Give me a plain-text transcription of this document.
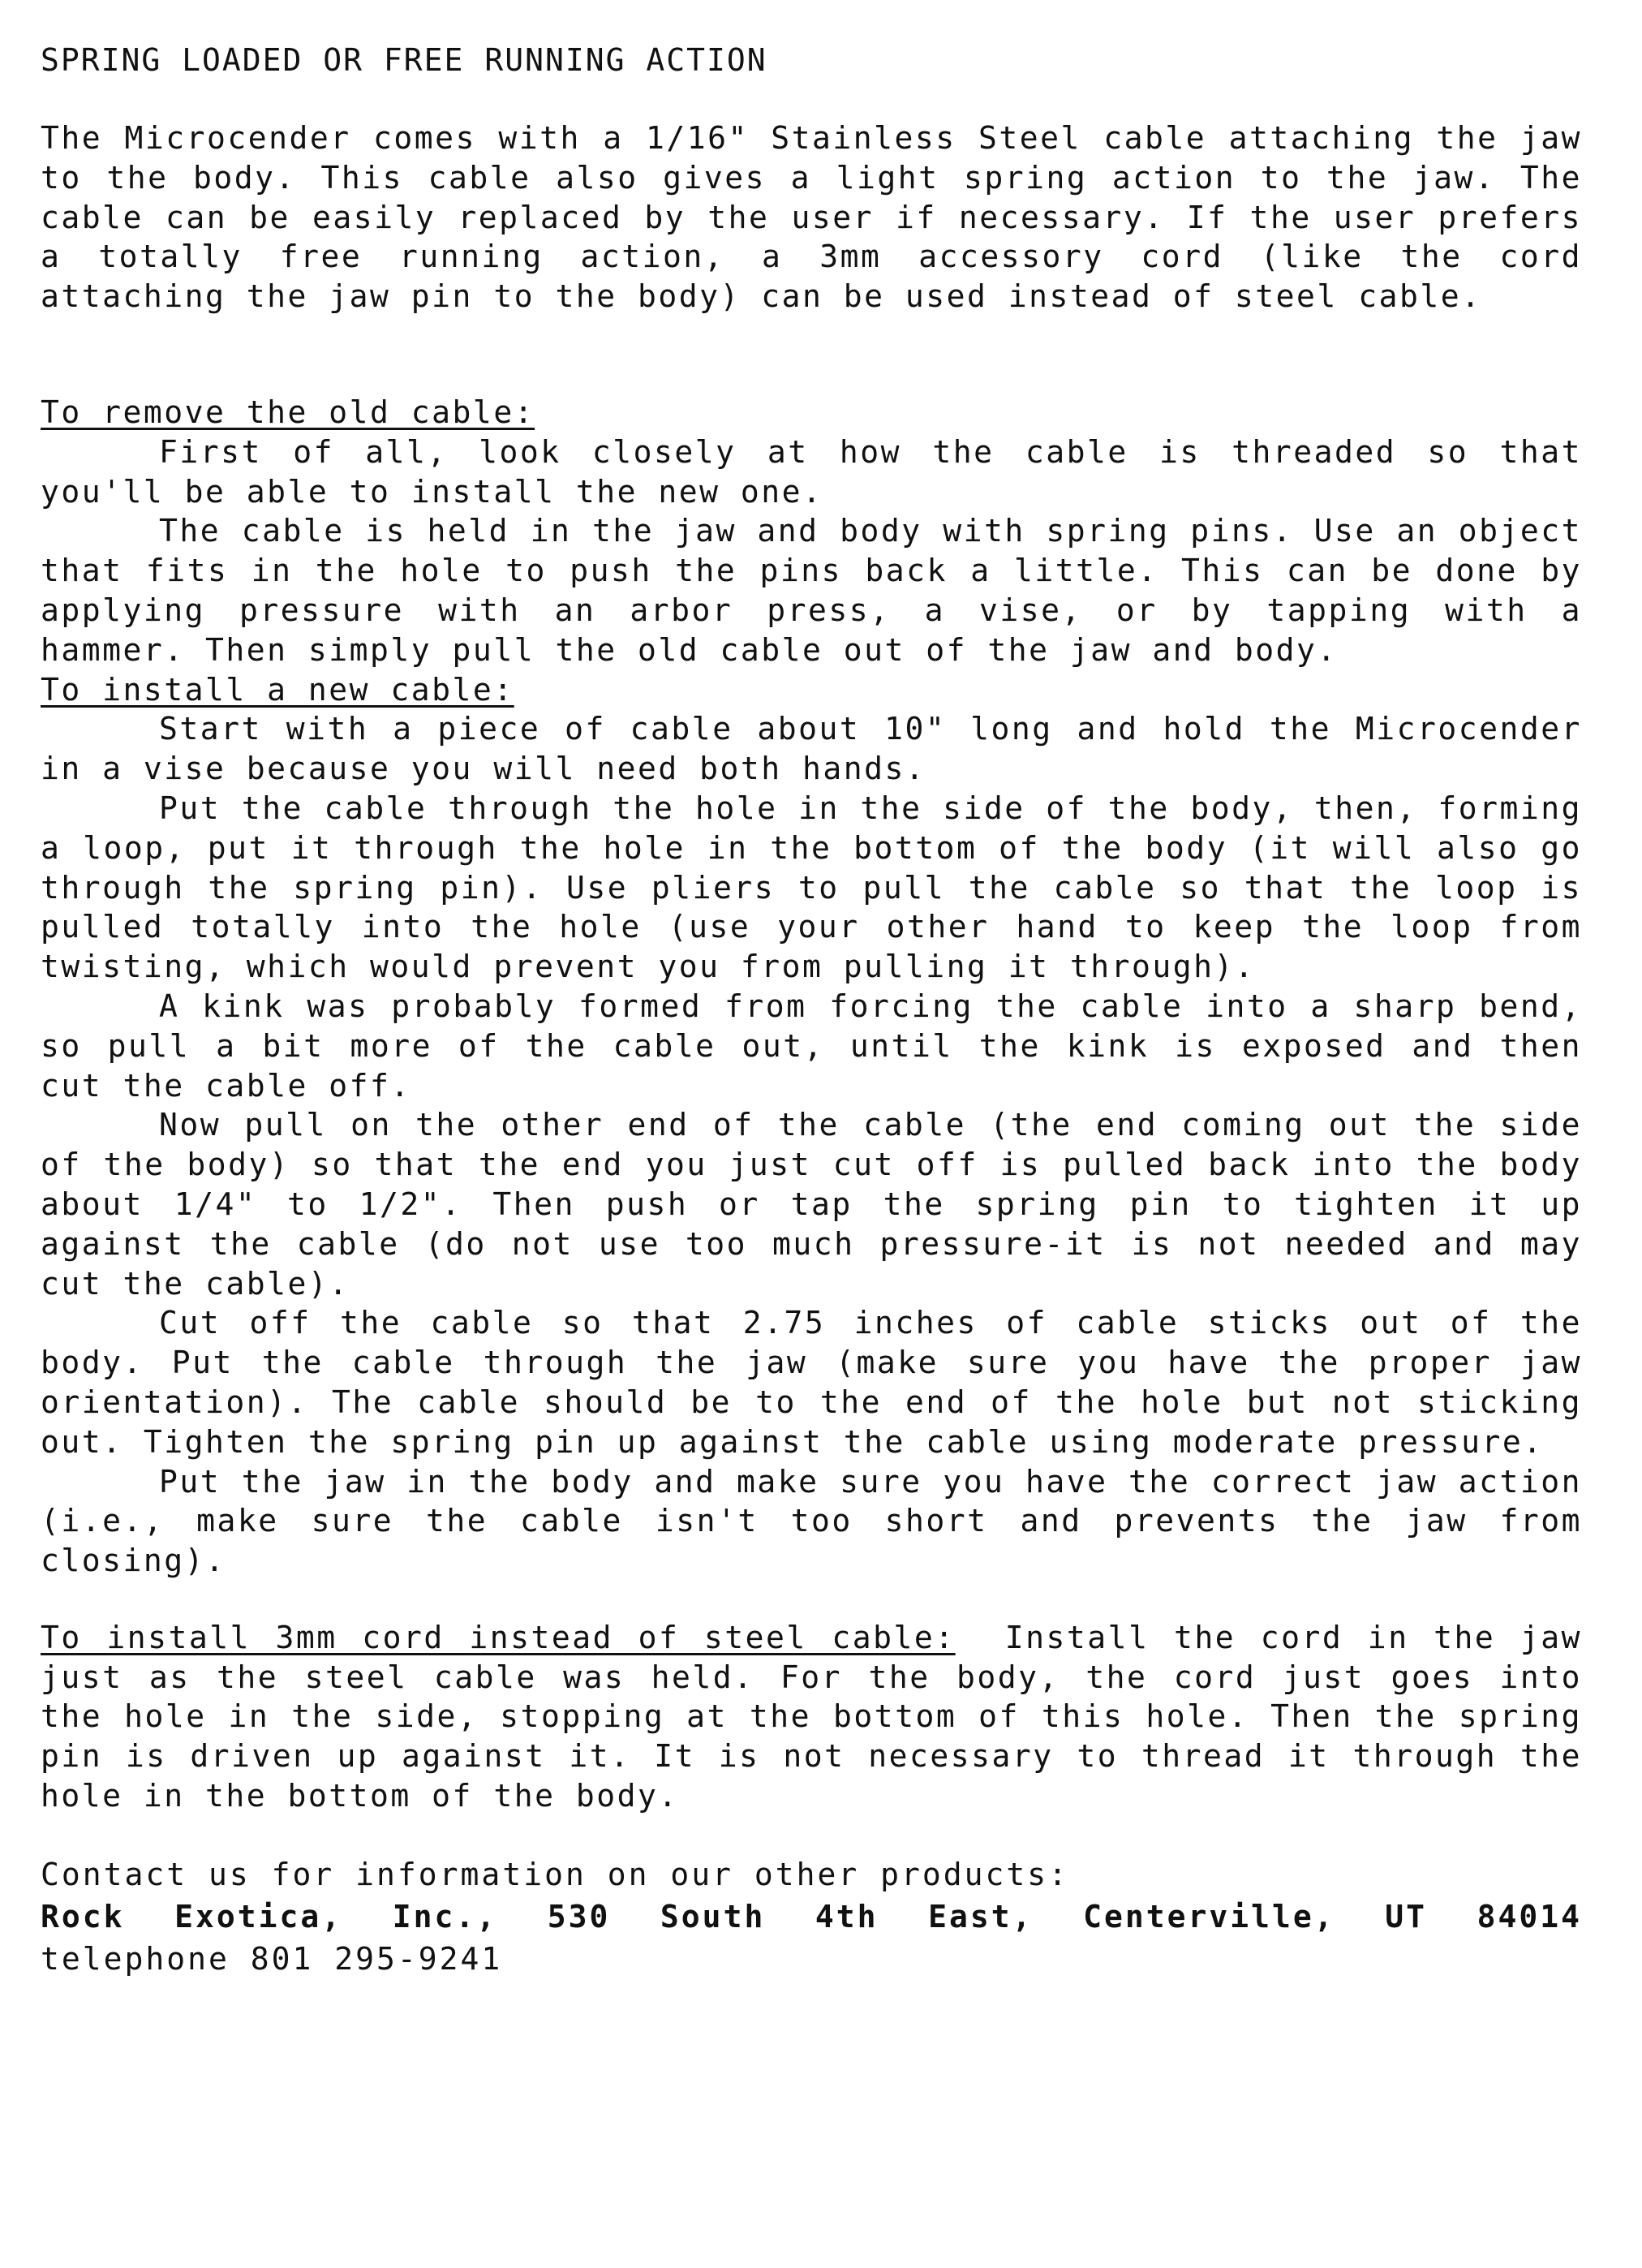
SPRING LOADED OR FREE RUNNING ACTION

The Microcender comes with a 1/16" Stainless Steel cable attaching the jaw to the body. This cable also gives a light spring action to the jaw. The cable can be easily replaced by the user if necessary. If the user prefers a totally free running action, a 3mm accessory cord (like the cord attaching the jaw pin to the body) can be used instead of steel cable.

To remove the old cable:

First of all, look closely at how the cable is threaded so that you'll be able to install the new one.

The cable is held in the jaw and body with spring pins. Use an object that fits in the hole to push the pins back a little. This can be done by applying pressure with an arbor press, a vise, or by tapping with a hammer. Then simply pull the old cable out of the jaw and body.

To install a new cable:

Start with a piece of cable about 10" long and hold the Microcender in a vise because you will need both hands.

Put the cable through the hole in the side of the body, then, forming a loop, put it through the hole in the bottom of the body (it will also go through the spring pin). Use pliers to pull the cable so that the loop is pulled totally into the hole (use your other hand to keep the loop from twisting, which would prevent you from pulling it through).

A kink was probably formed from forcing the cable into a sharp bend, so pull a bit more of the cable out, until the kink is exposed and then cut the cable off.

Now pull on the other end of the cable (the end coming out the side of the body) so that the end you just cut off is pulled back into the body about 1/4" to 1/2". Then push or tap the spring pin to tighten it up against the cable (do not use too much pressure-it is not needed and may cut the cable).

Cut off the cable so that 2.75 inches of cable sticks out of the body. Put the cable through the jaw (make sure you have the proper jaw orientation). The cable should be to the end of the hole but not sticking out. Tighten the spring pin up against the cable using moderate pressure.

Put the jaw in the body and make sure you have the correct jaw action (i.e., make sure the cable isn't too short and prevents the jaw from closing).

To install 3mm cord instead of steel cable: Install the cord in the jaw just as the steel cable was held. For the body, the cord just goes into the hole in the side, stopping at the bottom of this hole. Then the spring pin is driven up against it. It is not necessary to thread it through the hole in the bottom of the body.

Contact us for information on our other products:
Rock Exotica, Inc., 530 South 4th East, Centerville, UT 84014
telephone 801 295-9241
